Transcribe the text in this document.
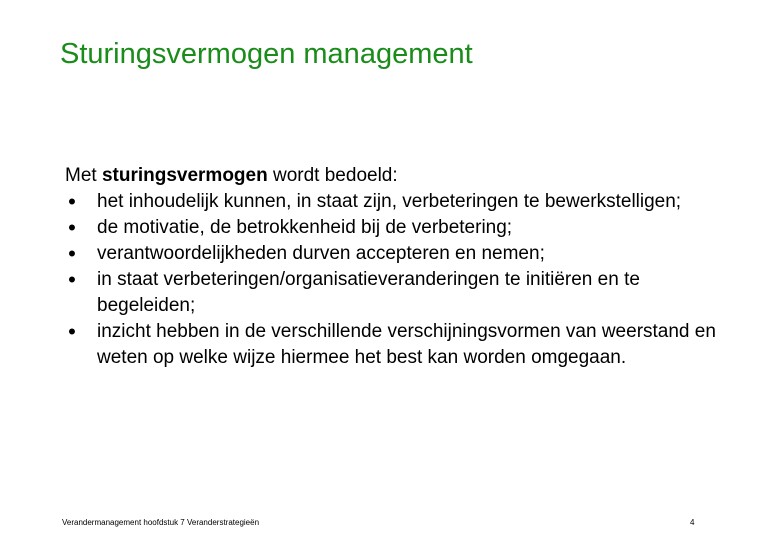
Sturingsvermogen management
Met sturingsvermogen wordt bedoeld:
• het inhoudelijk kunnen, in staat zijn, verbeteringen te bewerkstelligen;
• de motivatie, de betrokkenheid bij de verbetering;
• verantwoordelijkheden durven accepteren en nemen;
• in staat verbeteringen/organisatieveranderingen te initiëren en te begeleiden;
• inzicht hebben in de verschillende verschijningsvormen van weerstand en weten op welke wijze hiermee het best kan worden omgegaan.
Verandermanagement hoofdstuk 7 Veranderstrategieën	4
